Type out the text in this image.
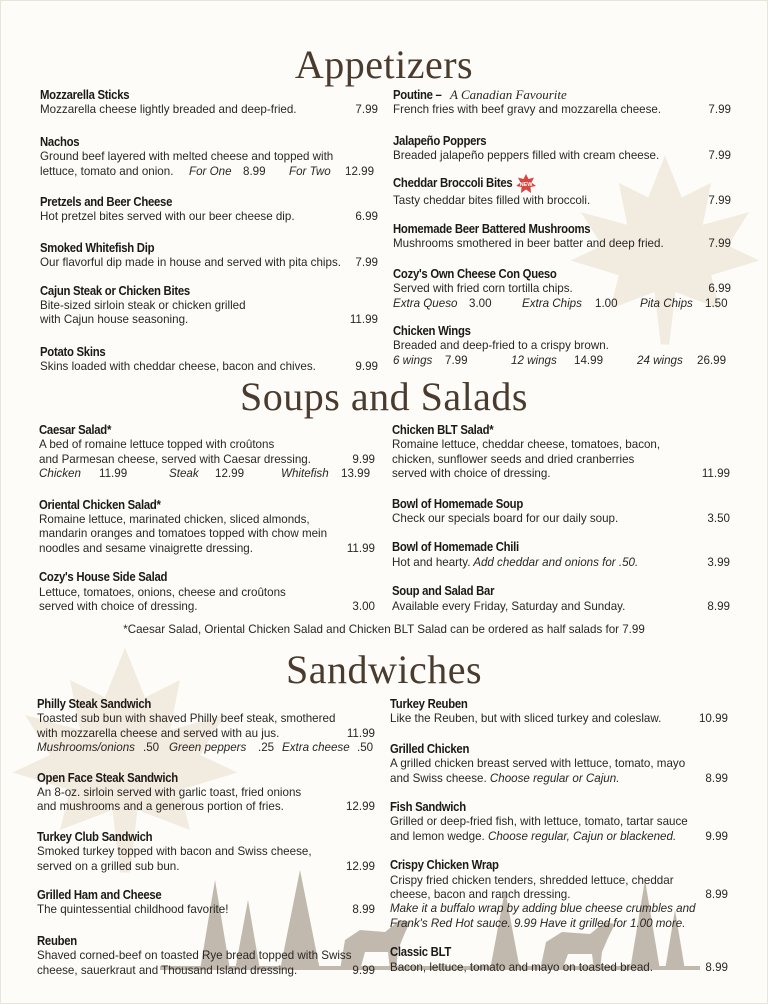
Appetizers
Soups and Salads
Sandwiches
Mozzarella Sticks
Mozzarella cheese lightly breaded and deep-fried.	7.99
Nachos
Ground beef layered with melted cheese and topped with
lettuce, tomato and onion. For One 8.99 For Two 12.99
Pretzels and Beer Cheese
Hot pretzel bites served with our beer cheese dip.	6.99
Smoked Whitefish Dip
Our flavorful dip made in house and served with pita chips. 7.99
Cajun Steak or Chicken Bites
Bite-sized sirloin steak or chicken grilled
with Cajun house seasoning.	11.99
Potato Skins
Skins loaded with cheddar cheese, bacon and chives.	9.99
Poutine – A Canadian Favourite
French fries with beef gravy and mozzarella cheese.	7.99
Jalapeño Poppers
Breaded jalapeño peppers filled with cream cheese.	7.99
Cheddar Broccoli Bites NEW
Tasty cheddar bites filled with broccoli.	7.99
Homemade Beer Battered Mushrooms
Mushrooms smothered in beer batter and deep fried.	7.99
Cozy's Own Cheese Con Queso
Served with fried corn tortilla chips.	6.99
Extra Queso 3.00	Extra Chips 1.00 Pita Chips 1.50
Chicken Wings
Breaded and deep-fried to a crispy brown.
6 wings 7.99	12 wings 14.99	24 wings 26.99
Caesar Salad*
A bed of romaine lettuce topped with croûtons
and Parmesan cheese, served with Caesar dressing.	9.99
Chicken 11.99	Steak 12.99	Whitefish 13.99
Oriental Chicken Salad*
Romaine lettuce, marinated chicken, sliced almonds,
mandarin oranges and tomatoes topped with chow mein
noodles and sesame vinaigrette dressing.	11.99
Cozy's House Side Salad
Lettuce, tomatoes, onions, cheese and croûtons
served with choice of dressing.	3.00
Chicken BLT Salad*
Romaine lettuce, cheddar cheese, tomatoes, bacon,
chicken, sunflower seeds and dried cranberries
served with choice of dressing.	11.99
Bowl of Homemade Soup
Check our specials board for our daily soup.	3.50
Bowl of Homemade Chili
Hot and hearty. Add cheddar and onions for .50.	3.99
Soup and Salad Bar
Available every Friday, Saturday and Sunday.	8.99
*Caesar Salad, Oriental Chicken Salad and Chicken BLT Salad can be ordered as half salads for 7.99
Philly Steak Sandwich
Toasted sub bun with shaved Philly beef steak, smothered
with mozzarella cheese and served with au jus.	11.99
Mushrooms/onions .50 Green peppers .25 Extra cheese .50
Open Face Steak Sandwich
An 8-oz. sirloin served with garlic toast, fried onions
and mushrooms and a generous portion of fries.	12.99
Turkey Club Sandwich
Smoked turkey topped with bacon and Swiss cheese,
served on a grilled sub bun.	12.99
Grilled Ham and Cheese
The quintessential childhood favorite!	8.99
Reuben
Shaved corned-beef on toasted Rye bread topped with Swiss
cheese, sauerkraut and Thousand Island dressing.	9.99
Turkey Reuben
Like the Reuben, but with sliced turkey and coleslaw.	10.99
Grilled Chicken
A grilled chicken breast served with lettuce, tomato, mayo
and Swiss cheese. Choose regular or Cajun.	8.99
Fish Sandwich
Grilled or deep-fried fish, with lettuce, tomato, tartar sauce
and lemon wedge. Choose regular, Cajun or blackened.	9.99
Crispy Chicken Wrap
Crispy fried chicken tenders, shredded lettuce, cheddar
cheese, bacon and ranch dressing.	8.99
Make it a buffalo wrap by adding blue cheese crumbles and
Frank's Red Hot sauce. 9.99 Have it grilled for 1.00 more.
Classic BLT
Bacon, lettuce, tomato and mayo on toasted bread.	8.99
